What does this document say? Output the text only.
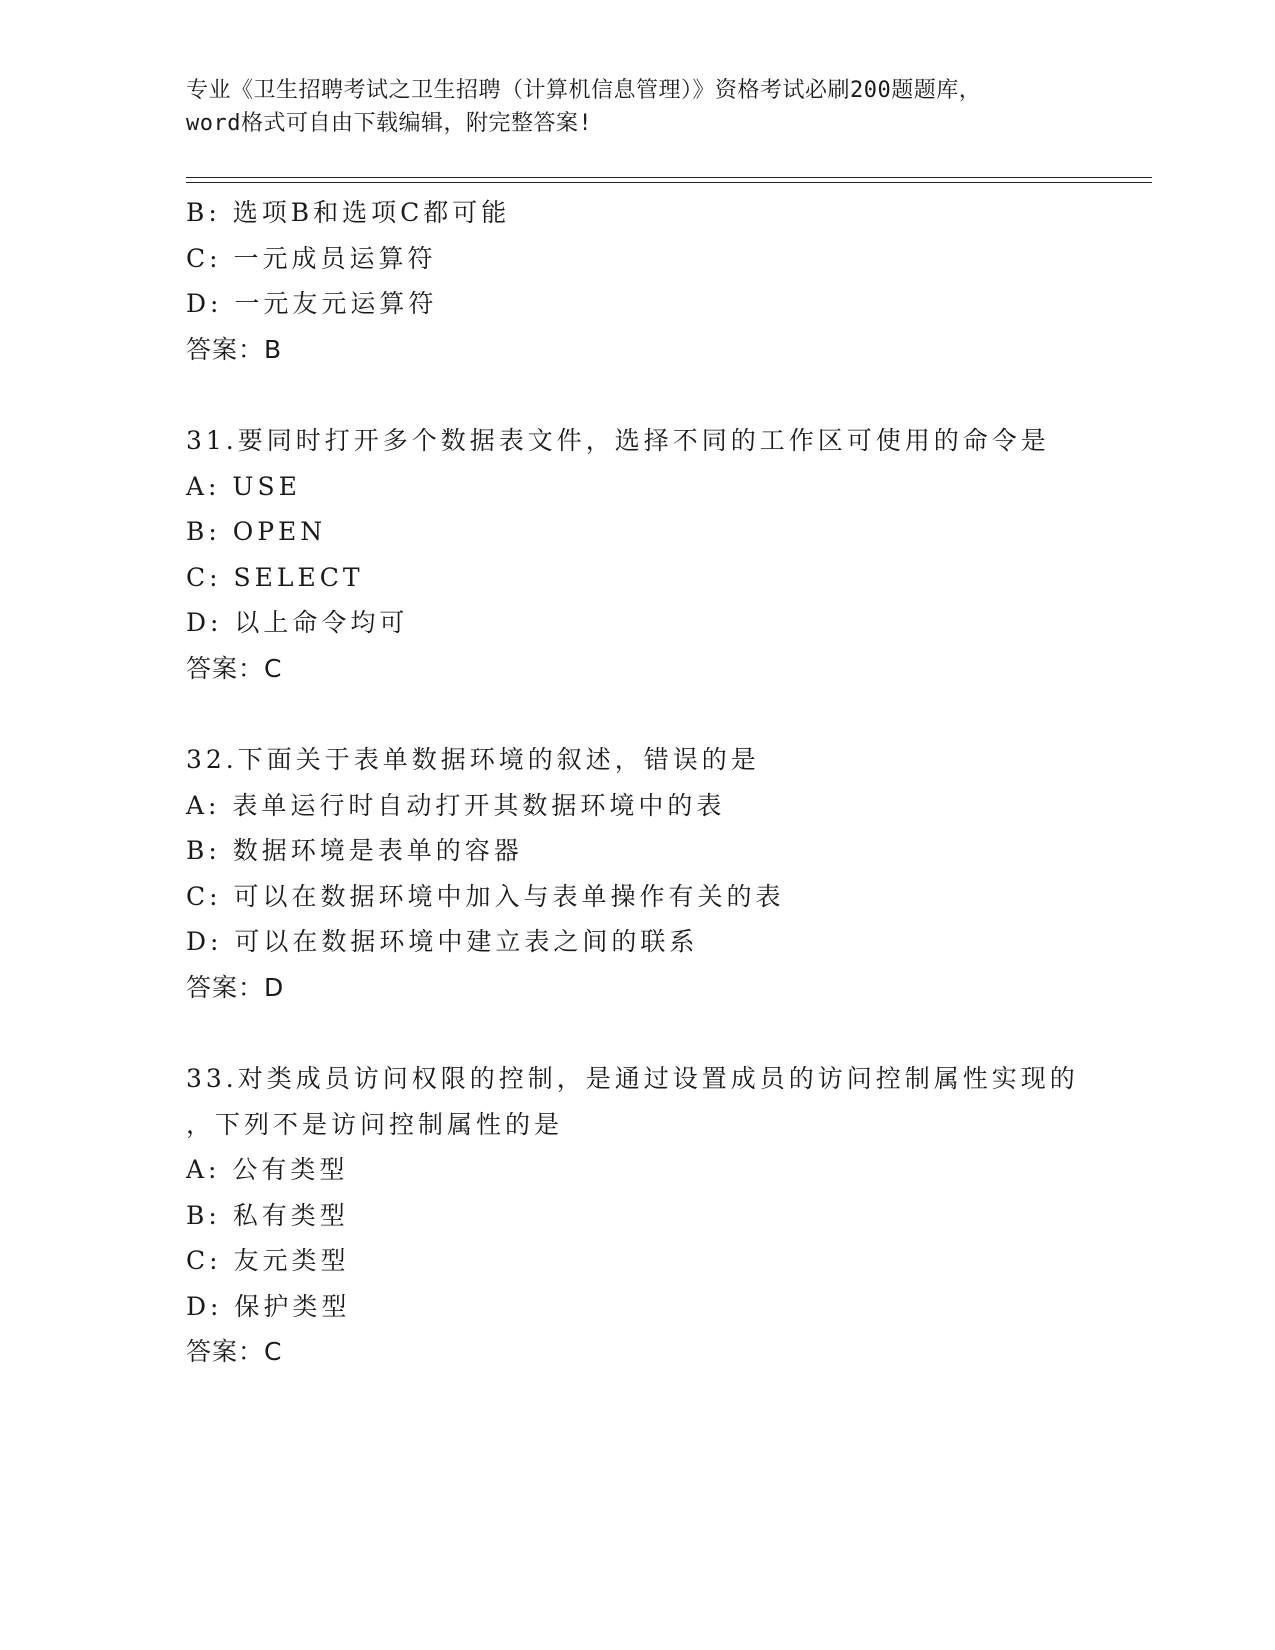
专业《卫生招聘考试之卫生招聘（计算机信息管理）》资格考试必刷200题题库，
word格式可自由下载编辑，附完整答案!
B: 选项B和选项C都可能
C: 一元成员运算符
D: 一元友元运算符
答案：B
31.要同时打开多个数据表文件，选择不同的工作区可使用的命令是
A: USE
B: OPEN
C: SELECT
D: 以上命令均可
答案：C
32.下面关于表单数据环境的叙述，错误的是
A: 表单运行时自动打开其数据环境中的表
B: 数据环境是表单的容器
C: 可以在数据环境中加入与表单操作有关的表
D: 可以在数据环境中建立表之间的联系
答案：D
33.对类成员访问权限的控制，是通过设置成员的访问控制属性实现的
，下列不是访问控制属性的是
A: 公有类型
B: 私有类型
C: 友元类型
D: 保护类型
答案：C
